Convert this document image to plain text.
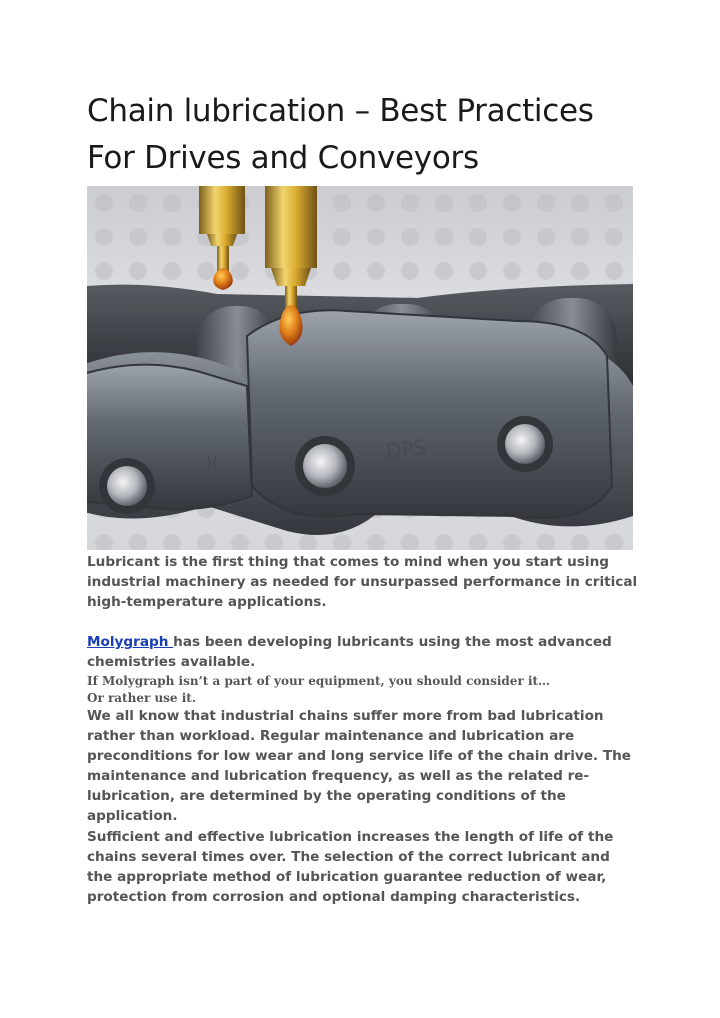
Chain lubrication – Best Practices For Drives and Conveyors
)(	DPS

Lubricant is the first thing that comes to mind when you start using industrial machinery as needed for unsurpassed performance in critical high-temperature applications.

Molygraph has been developing lubricants using the most advanced chemistries available.

If Molygraph isn’t a part of your equipment, you should consider it…

Or rather use it.

We all know that industrial chains suffer more from bad lubrication rather than workload. Regular maintenance and lubrication are preconditions for low wear and long service life of the chain drive. The maintenance and lubrication frequency, as well as the related re-lubrication, are determined by the operating conditions of the application.

Sufficient and effective lubrication increases the length of life of the chains several times over. The selection of the correct lubricant and the appropriate method of lubrication guarantee reduction of wear, protection from corrosion and optional damping characteristics.
